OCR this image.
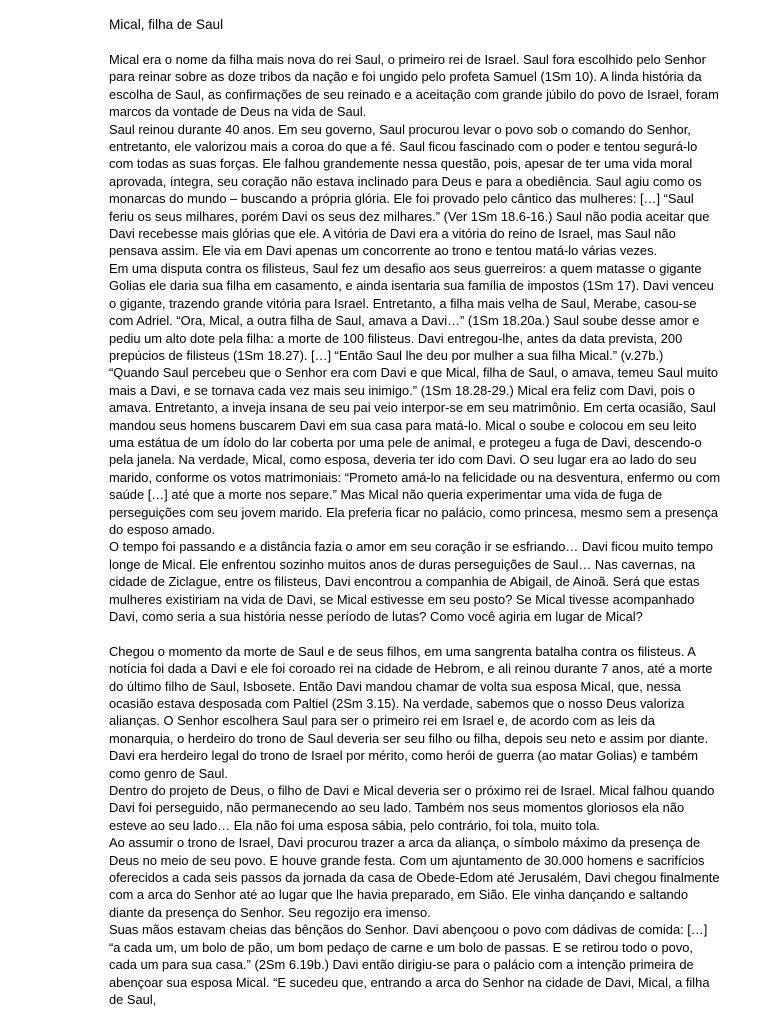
Mical, filha de Saul

Mical era o nome da filha mais nova do rei Saul, o primeiro rei de Israel. Saul fora escolhido pelo Senhor para reinar sobre as doze tribos da nação e foi ungido pelo profeta Samuel (1Sm 10). A linda história da escolha de Saul, as confirmações de seu reinado e a aceitação com grande júbilo do povo de Israel, foram marcos da vontade de Deus na vida de Saul.

Saul reinou durante 40 anos. Em seu governo, Saul procurou levar o povo sob o comando do Senhor, entretanto, ele valorizou mais a coroa do que a fé. Saul ficou fascinado com o poder e tentou segurá-lo com todas as suas forças. Ele falhou grandemente nessa questão, pois, apesar de ter uma vida moral aprovada, íntegra, seu coração não estava inclinado para Deus e para a obediência. Saul agiu como os monarcas do mundo – buscando a própria glória. Ele foi provado pelo cântico das mulheres: […] “Saul feriu os seus milhares, porém Davi os seus dez milhares.” (Ver 1Sm 18.6-16.) Saul não podia aceitar que Davi recebesse mais glórias que ele. A vitória de Davi era a vitória do reino de Israel, mas Saul não pensava assim. Ele via em Davi apenas um concorrente ao trono e tentou matá-lo várias vezes.

Em uma disputa contra os filisteus, Saul fez um desafio aos seus guerreiros: a quem matasse o gigante Golias ele daria sua filha em casamento, e ainda isentaria sua família de impostos (1Sm 17). Davi venceu o gigante, trazendo grande vitória para Israel. Entretanto, a filha mais velha de Saul, Merabe, casou-se com Adriel. “Ora, Mical, a outra filha de Saul, amava a Davi…” (1Sm 18.20a.) Saul soube desse amor e pediu um alto dote pela filha: a morte de 100 filisteus. Davi entregou-lhe, antes da data prevista, 200 prepúcios de filisteus (1Sm 18.27). […] “Então Saul lhe deu por mulher a sua filha Mical.” (v.27b.)

“Quando Saul percebeu que o Senhor era com Davi e que Mical, filha de Saul, o amava, temeu Saul muito mais a Davi, e se tornava cada vez mais seu inimigo.” (1Sm 18.28-29.) Mical era feliz com Davi, pois o amava. Entretanto, a inveja insana de seu pai veio interpor-se em seu matrimônio. Em certa ocasião, Saul mandou seus homens buscarem Davi em sua casa para matá-lo. Mical o soube e colocou em seu leito uma estátua de um ídolo do lar coberta por uma pele de animal, e protegeu a fuga de Davi, descendo-o pela janela. Na verdade, Mical, como esposa, deveria ter ido com Davi. O seu lugar era ao lado do seu marido, conforme os votos matrimoniais: “Prometo amá-lo na felicidade ou na desventura, enfermo ou com saúde […] até que a morte nos separe.” Mas Mical não queria experimentar uma vida de fuga de perseguições com seu jovem marido. Ela preferia ficar no palácio, como princesa, mesmo sem a presença do esposo amado.

O tempo foi passando e a distância fazia o amor em seu coração ir se esfriando… Davi ficou muito tempo longe de Mical. Ele enfrentou sozinho muitos anos de duras perseguições de Saul… Nas cavernas, na cidade de Ziclague, entre os filisteus, Davi encontrou a companhia de Abigail, de Ainoã. Será que estas mulheres existiriam na vida de Davi, se Mical estivesse em seu posto? Se Mical tivesse acompanhado Davi, como seria a sua história nesse período de lutas? Como você agiria em lugar de Mical?

Chegou o momento da morte de Saul e de seus filhos, em uma sangrenta batalha contra os filisteus. A notícia foi dada a Davi e ele foi coroado rei na cidade de Hebrom, e ali reinou durante 7 anos, até a morte do último filho de Saul, Isbosete. Então Davi mandou chamar de volta sua esposa Mical, que, nessa ocasião estava desposada com Paltiel (2Sm 3.15). Na verdade, sabemos que o nosso Deus valoriza alianças. O Senhor escolhera Saul para ser o primeiro rei em Israel e, de acordo com as leis da monarquia, o herdeiro do trono de Saul deveria ser seu filho ou filha, depois seu neto e assim por diante. Davi era herdeiro legal do trono de Israel por mérito, como herói de guerra (ao matar Golias) e também como genro de Saul.

Dentro do projeto de Deus, o filho de Davi e Mical deveria ser o próximo rei de Israel. Mical falhou quando Davi foi perseguido, não permanecendo ao seu lado. Também nos seus momentos gloriosos ela não esteve ao seu lado… Ela não foi uma esposa sábia, pelo contrário, foi tola, muito tola.

Ao assumir o trono de Israel, Davi procurou trazer a arca da aliança, o símbolo máximo da presença de Deus no meio de seu povo. E houve grande festa. Com um ajuntamento de 30.000 homens e sacrifícios oferecidos a cada seis passos da jornada da casa de Obede-Edom até Jerusalém, Davi chegou finalmente com a arca do Senhor até ao lugar que lhe havia preparado, em Sião. Ele vinha dançando e saltando diante da presença do Senhor. Seu regozijo era imenso.

Suas mãos estavam cheias das bênçãos do Senhor. Davi abençoou o povo com dádivas de comida: […] “a cada um, um bolo de pão, um bom pedaço de carne e um bolo de passas. E se retirou todo o povo, cada um para sua casa.” (2Sm 6.19b.) Davi então dirigiu-se para o palácio com a intenção primeira de abençoar sua esposa Mical. “E sucedeu que, entrando a arca do Senhor na cidade de Davi, Mical, a filha de Saul,
